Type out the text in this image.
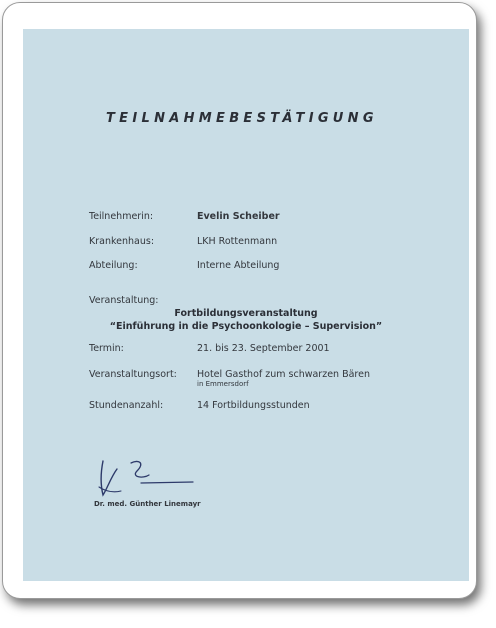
TEILNAHMEBESTÄTIGUNG
Teilnehmerin:	Evelin Scheiber
Krankenhaus:	LKH Rottenmann
Abteilung:	Interne Abteilung
Veranstaltung:
Fortbildungsveranstaltung
“Einführung in die Psychoonkologie – Supervision”
Termin:	21. bis 23. September 2001
Veranstaltungsort: Hotel Gasthof zum schwarzen Bären
in Emmersdorf
Stundenanzahl:	14 Fortbildungsstunden
Dr. med. Günther Linemayr
